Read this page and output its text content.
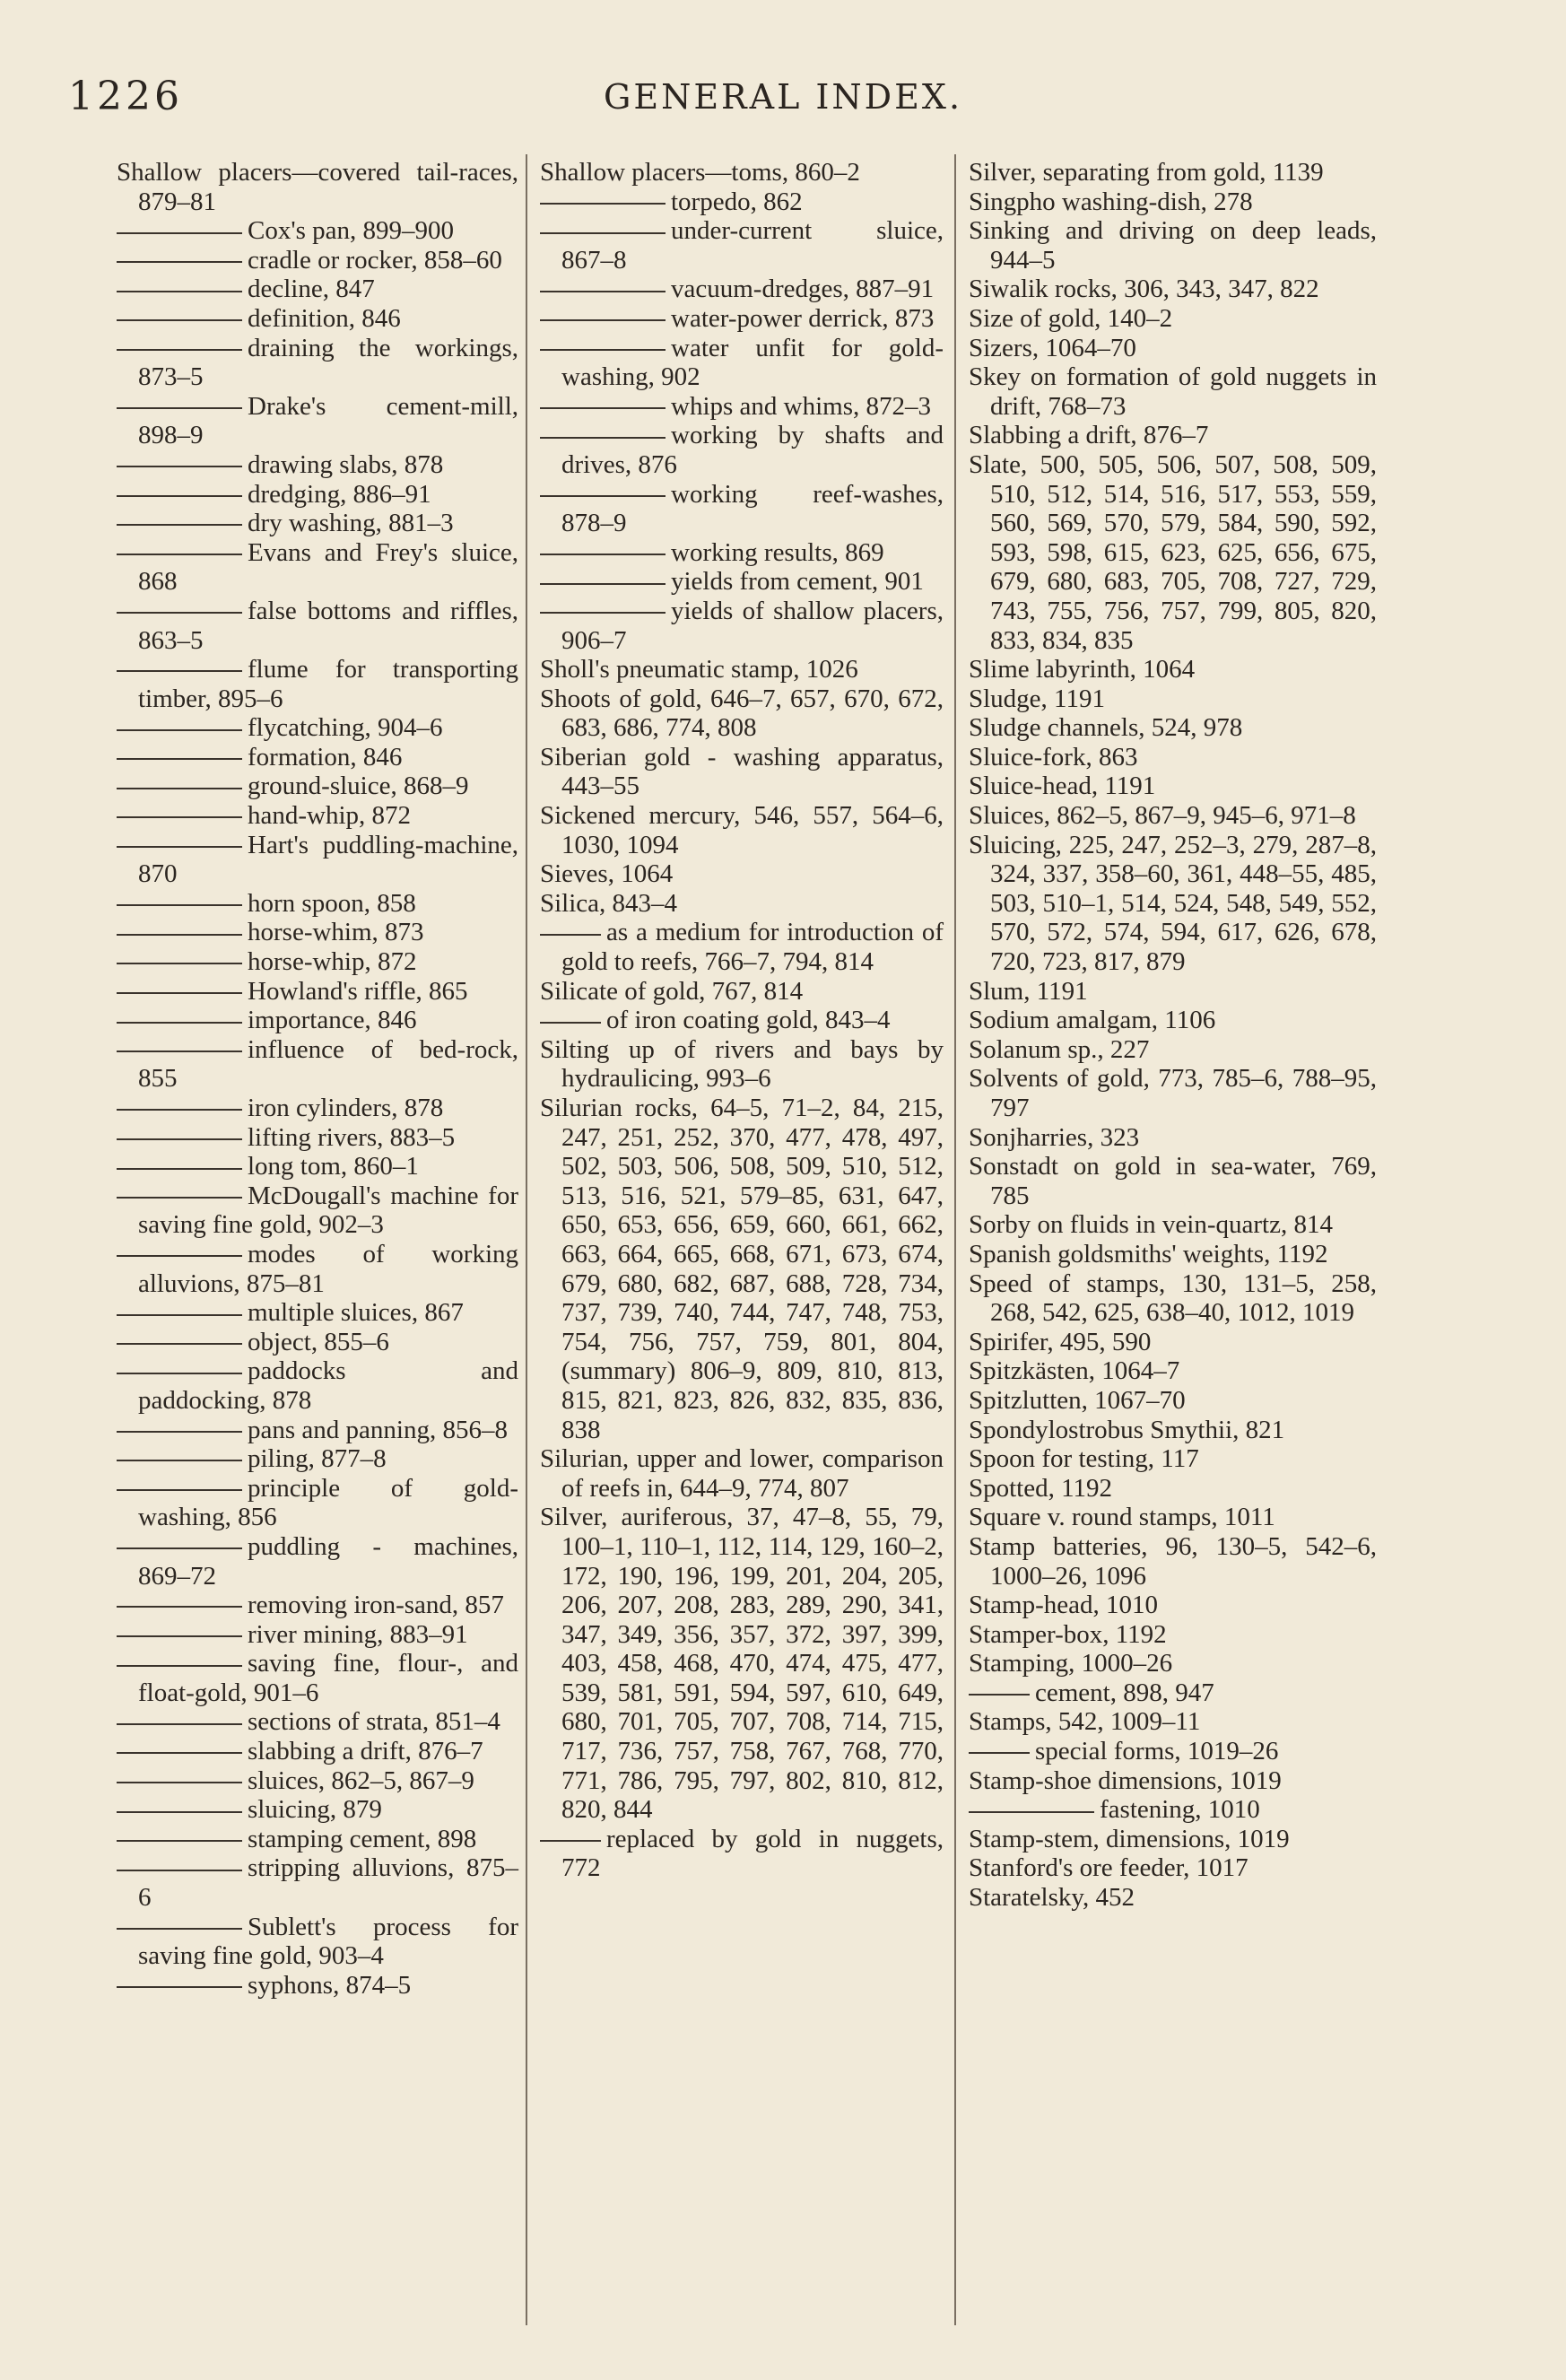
1226	GENERAL INDEX.

Shallow placers—covered tail-races, 879–81

Cox's pan, 899–900

cradle or rocker, 858–60

decline, 847

definition, 846

draining the workings, 873–5

Drake's cement-mill, 898–9

drawing slabs, 878

dredging, 886–91

dry washing, 881–3

Evans and Frey's sluice, 868

false bottoms and riffles, 863–5

flume for transporting timber, 895–6

flycatching, 904–6

formation, 846

ground-sluice, 868–9

hand-whip, 872

Hart's puddling-machine, 870

horn spoon, 858

horse-whim, 873

horse-whip, 872

Howland's riffle, 865

importance, 846

influence of bed-rock, 855

iron cylinders, 878

lifting rivers, 883–5

long tom, 860–1

McDougall's machine for saving fine gold, 902–3

modes of working alluvions, 875–81

multiple sluices, 867

object, 855–6

paddocks and paddocking, 878

pans and panning, 856–8

piling, 877–8

principle of gold-washing, 856

puddling - machines, 869–72

removing iron-sand, 857

river mining, 883–91

saving fine, flour-, and float-gold, 901–6

sections of strata, 851–4

slabbing a drift, 876–7

sluices, 862–5, 867–9

sluicing, 879

stamping cement, 898

stripping alluvions, 875–6

Sublett's process for saving fine gold, 903–4

syphons, 874–5

Shallow placers—toms, 860–2

torpedo, 862

under-current sluice, 867–8

vacuum-dredges, 887–91

water-power derrick, 873

water unfit for gold-washing, 902

whips and whims, 872–3

working by shafts and drives, 876

working reef-washes, 878–9

working results, 869

yields from cement, 901

yields of shallow placers, 906–7

Sholl's pneumatic stamp, 1026

Shoots of gold, 646–7, 657, 670, 672, 683, 686, 774, 808

Siberian gold - washing apparatus, 443–55

Sickened mercury, 546, 557, 564–6, 1030, 1094

Sieves, 1064

Silica, 843–4

as a medium for introduction of gold to reefs, 766–7, 794, 814

Silicate of gold, 767, 814

of iron coating gold, 843–4

Silting up of rivers and bays by hydraulicing, 993–6

Silurian rocks, 64–5, 71–2, 84, 215, 247, 251, 252, 370, 477, 478, 497, 502, 503, 506, 508, 509, 510, 512, 513, 516, 521, 579–85, 631, 647, 650, 653, 656, 659, 660, 661, 662, 663, 664, 665, 668, 671, 673, 674, 679, 680, 682, 687, 688, 728, 734, 737, 739, 740, 744, 747, 748, 753, 754, 756, 757, 759, 801, 804, (summary) 806–9, 809, 810, 813, 815, 821, 823, 826, 832, 835, 836, 838

Silurian, upper and lower, comparison of reefs in, 644–9, 774, 807

Silver, auriferous, 37, 47–8, 55, 79, 100–1, 110–1, 112, 114, 129, 160–2, 172, 190, 196, 199, 201, 204, 205, 206, 207, 208, 283, 289, 290, 341, 347, 349, 356, 357, 372, 397, 399, 403, 458, 468, 470, 474, 475, 477, 539, 581, 591, 594, 597, 610, 649, 680, 701, 705, 707, 708, 714, 715, 717, 736, 757, 758, 767, 768, 770, 771, 786, 795, 797, 802, 810, 812, 820, 844

replaced by gold in nuggets, 772

Silver, separating from gold, 1139

Singpho washing-dish, 278

Sinking and driving on deep leads, 944–5

Siwalik rocks, 306, 343, 347, 822

Size of gold, 140–2

Sizers, 1064–70

Skey on formation of gold nuggets in drift, 768–73

Slabbing a drift, 876–7

Slate, 500, 505, 506, 507, 508, 509, 510, 512, 514, 516, 517, 553, 559, 560, 569, 570, 579, 584, 590, 592, 593, 598, 615, 623, 625, 656, 675, 679, 680, 683, 705, 708, 727, 729, 743, 755, 756, 757, 799, 805, 820, 833, 834, 835

Slime labyrinth, 1064

Sludge, 1191

Sludge channels, 524, 978

Sluice-fork, 863

Sluice-head, 1191

Sluices, 862–5, 867–9, 945–6, 971–8

Sluicing, 225, 247, 252–3, 279, 287–8, 324, 337, 358–60, 361, 448–55, 485, 503, 510–1, 514, 524, 548, 549, 552, 570, 572, 574, 594, 617, 626, 678, 720, 723, 817, 879

Slum, 1191

Sodium amalgam, 1106

Solanum sp., 227

Solvents of gold, 773, 785–6, 788–95, 797

Sonjharries, 323

Sonstadt on gold in sea-water, 769, 785

Sorby on fluids in vein-quartz, 814

Spanish goldsmiths' weights, 1192

Speed of stamps, 130, 131–5, 258, 268, 542, 625, 638–40, 1012, 1019

Spirifer, 495, 590

Spitzkästen, 1064–7

Spitzlutten, 1067–70

Spondylostrobus Smythii, 821

Spoon for testing, 117

Spotted, 1192

Square v. round stamps, 1011

Stamp batteries, 96, 130–5, 542–6, 1000–26, 1096

Stamp-head, 1010

Stamper-box, 1192

Stamping, 1000–26

cement, 898, 947

Stamps, 542, 1009–11

special forms, 1019–26

Stamp-shoe dimensions, 1019

fastening, 1010

Stamp-stem, dimensions, 1019

Stanford's ore feeder, 1017

Staratelsky, 452
